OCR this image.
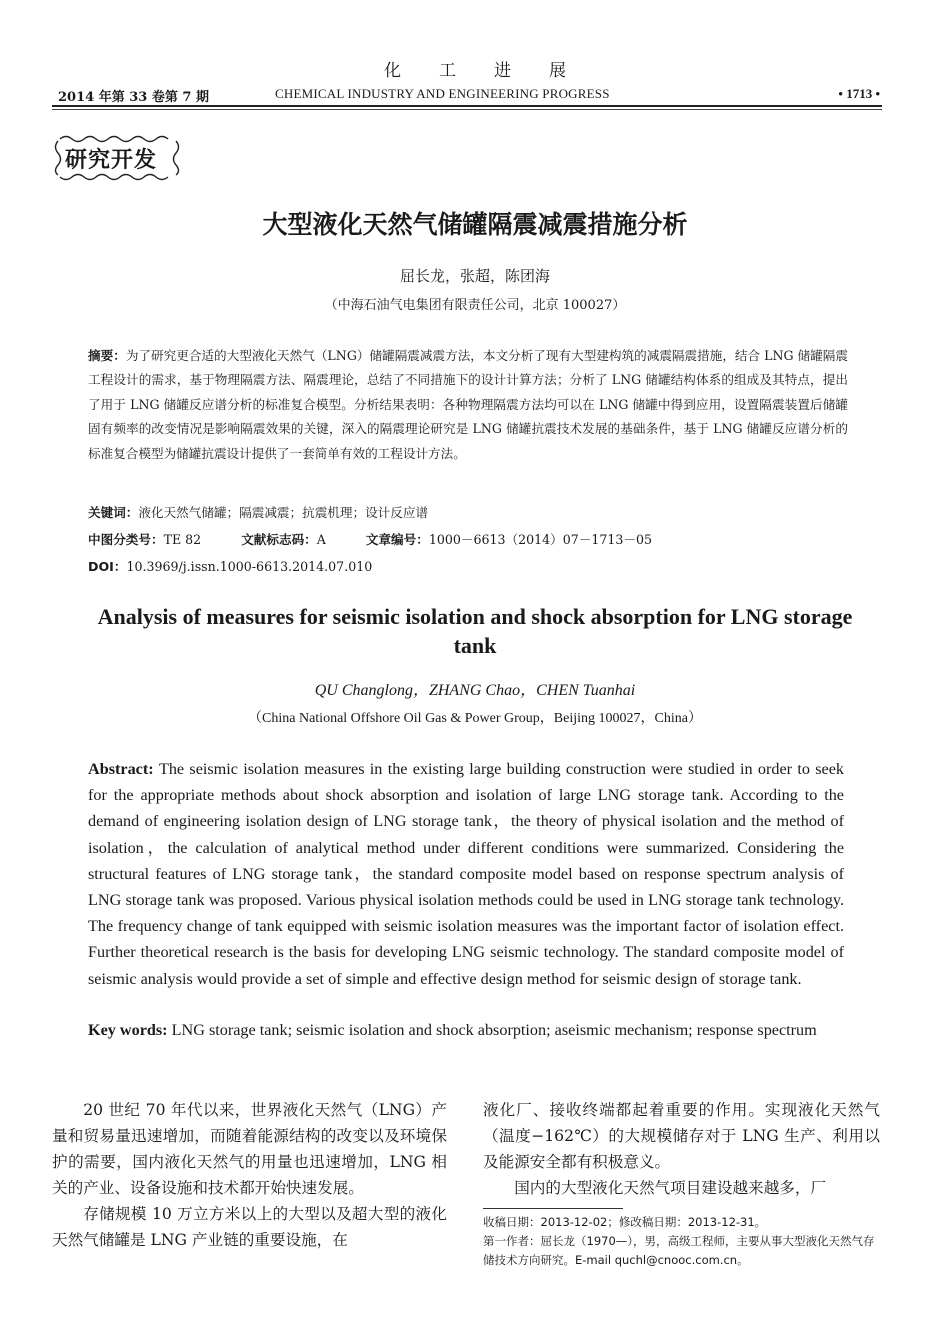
化工进展
2014 年第 33 卷第 7 期	CHEMICAL INDUSTRY AND ENGINEERING PROGRESS	• 1713 •
研究开发
大型液化天然气储罐隔震减震措施分析
屈长龙，张超，陈团海
（中海石油气电集团有限责任公司，北京 100027）
摘要：为了研究更合适的大型液化天然气（LNG）储罐隔震减震方法，本文分析了现有大型建构筑的减震隔震措施，结合 LNG 储罐隔震工程设计的需求，基于物理隔震方法、隔震理论，总结了不同措施下的设计计算方法；分析了 LNG 储罐结构体系的组成及其特点，提出了用于 LNG 储罐反应谱分析的标准复合模型。分析结果表明：各种物理隔震方法均可以在 LNG 储罐中得到应用，设置隔震装置后储罐固有频率的改变情况是影响隔震效果的关键，深入的隔震理论研究是 LNG 储罐抗震技术发展的基础条件，基于 LNG 储罐反应谱分析的标准复合模型为储罐抗震设计提供了一套简单有效的工程设计方法。
关键词：液化天然气储罐；隔震减震；抗震机理；设计反应谱
中图分类号：TE 82	文献标志码：A	文章编号：1000－6613（2014）07－1713－05
DOI：10.3969/j.issn.1000-6613.2014.07.010
Analysis of measures for seismic isolation and shock absorption for LNG storage tank
QU Changlong，ZHANG Chao，CHEN Tuanhai
（China National Offshore Oil Gas & Power Group，Beijing 100027，China）
Abstract: The seismic isolation measures in the existing large building construction were studied in order to seek for the appropriate methods about shock absorption and isolation of large LNG storage tank. According to the demand of engineering isolation design of LNG storage tank，the theory of physical isolation and the method of isolation，the calculation of analytical method under different conditions were summarized. Considering the structural features of LNG storage tank，the standard composite model based on response spectrum analysis of LNG storage tank was proposed. Various physical isolation methods could be used in LNG storage tank technology. The frequency change of tank equipped with seismic isolation measures was the important factor of isolation effect. Further theoretical research is the basis for developing LNG seismic technology. The standard composite model of seismic analysis would provide a set of simple and effective design method for seismic design of storage tank.
Key words: LNG storage tank; seismic isolation and shock absorption; aseismic mechanism; response spectrum

20 世纪 70 年代以来，世界液化天然气（LNG）产量和贸易量迅速增加，而随着能源结构的改变以及环境保护的需要，国内液化天然气的用量也迅速增加，LNG 相关的产业、设备设施和技术都开始快速发展。

存储规模 10 万立方米以上的大型以及超大型的液化天然气储罐是 LNG 产业链的重要设施，在

液化厂、接收终端都起着重要的作用。实现液化天然气（温度−162℃）的大规模储存对于 LNG 生产、利用以及能源安全都有积极意义。

国内的大型液化天然气项目建设越来越多，厂

收稿日期：2013-12-02；修改稿日期：2013-12-31。
第一作者：屈长龙（1970—），男，高级工程师，主要从事大型液化天然气存储技术方向研究。E-mail quchl@cnooc.com.cn。
